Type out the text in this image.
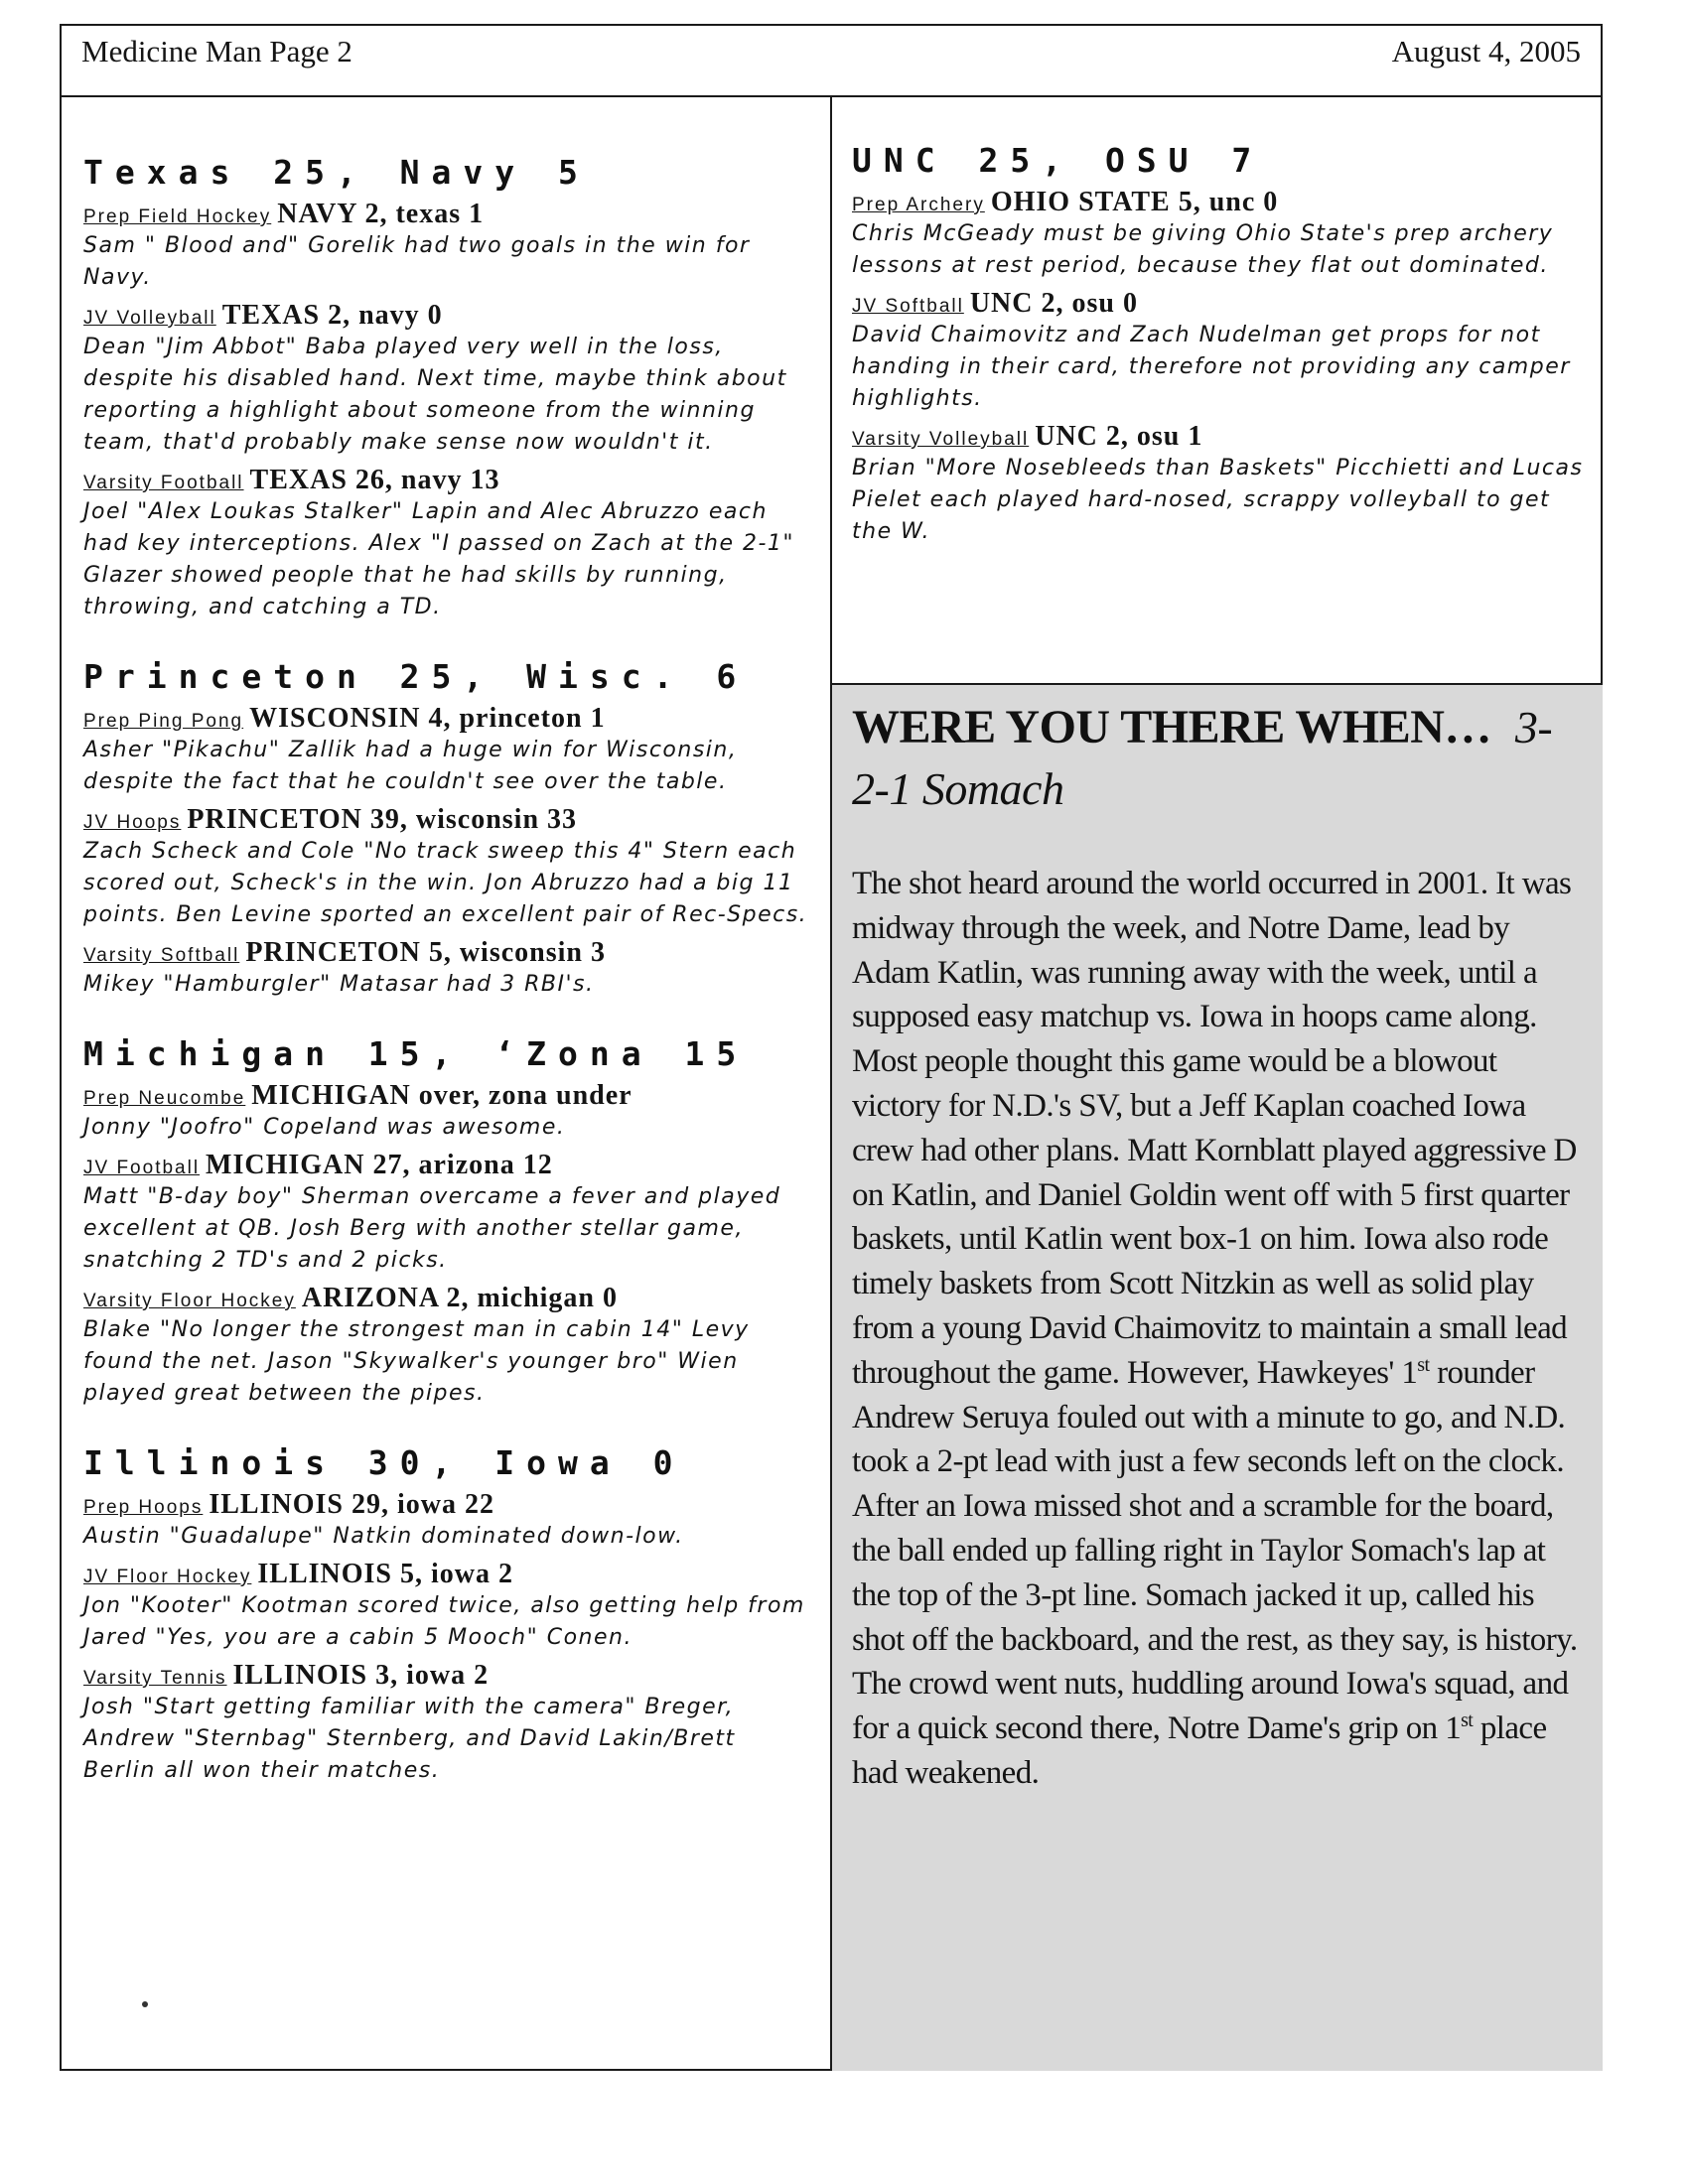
Medicine Man Page 2	August 4, 2005
Texas 25, Navy 5
Prep Field Hockey NAVY 2, texas 1
Sam " Blood and" Gorelik had two goals in the win for Navy.
JV Volleyball TEXAS 2, navy 0
Dean "Jim Abbot" Baba played very well in the loss, despite his disabled hand. Next time, maybe think about reporting a highlight about someone from the winning team, that'd probably make sense now wouldn't it.
Varsity Football TEXAS 26, navy 13
Joel "Alex Loukas Stalker" Lapin and Alec Abruzzo each had key interceptions. Alex "I passed on Zach at the 2-1" Glazer showed people that he had skills by running, throwing, and catching a TD.
Princeton 25, Wisc. 6
Prep Ping Pong WISCONSIN 4, princeton 1
Asher "Pikachu" Zallik had a huge win for Wisconsin, despite the fact that he couldn't see over the table.
JV Hoops PRINCETON 39, wisconsin 33
Zach Scheck and Cole "No track sweep this 4" Stern each scored out, Scheck's in the win. Jon Abruzzo had a big 11 points. Ben Levine sported an excellent pair of Rec-Specs.
Varsity Softball PRINCETON 5, wisconsin 3
Mikey "Hamburgler" Matasar had 3 RBI's.
Michigan 15, ‘Zona 15
Prep Neucombe MICHIGAN over, zona under
Jonny "Joofro" Copeland was awesome.
JV Football MICHIGAN 27, arizona 12
Matt "B-day boy" Sherman overcame a fever and played excellent at QB. Josh Berg with another stellar game, snatching 2 TD's and 2 picks.
Varsity Floor Hockey ARIZONA 2, michigan 0
Blake "No longer the strongest man in cabin 14" Levy found the net. Jason "Skywalker's younger bro" Wien played great between the pipes.
Illinois 30, Iowa 0
Prep Hoops ILLINOIS 29, iowa 22
Austin "Guadalupe" Natkin dominated down-low.
JV Floor Hockey ILLINOIS 5, iowa 2
Jon "Kooter" Kootman scored twice, also getting help from Jared "Yes, you are a cabin 5 Mooch" Conen.
Varsity Tennis ILLINOIS 3, iowa 2
Josh "Start getting familiar with the camera" Breger, Andrew "Sternbag" Sternberg, and David Lakin/Brett Berlin all won their matches.
UNC 25, OSU 7
Prep Archery OHIO STATE 5, unc 0
Chris McGeady must be giving Ohio State's prep archery lessons at rest period, because they flat out dominated.
JV Softball UNC 2, osu 0
David Chaimovitz and Zach Nudelman get props for not handing in their card, therefore not providing any camper highlights.
Varsity Volleyball UNC 2, osu 1
Brian "More Nosebleeds than Baskets" Picchietti and Lucas Pielet each played hard-nosed, scrappy volleyball to get the W.
WERE YOU THERE WHEN… 3-2-1 Somach
The shot heard around the world occurred in 2001. It was midway through the week, and Notre Dame, lead by Adam Katlin, was running away with the week, until a supposed easy matchup vs. Iowa in hoops came along. Most people thought this game would be a blowout victory for N.D.'s SV, but a Jeff Kaplan coached Iowa crew had other plans. Matt Kornblatt played aggressive D on Katlin, and Daniel Goldin went off with 5 first quarter baskets, until Katlin went box-1 on him. Iowa also rode timely baskets from Scott Nitzkin as well as solid play from a young David Chaimovitz to maintain a small lead throughout the game. However, Hawkeyes' 1st rounder Andrew Seruya fouled out with a minute to go, and N.D. took a 2-pt lead with just a few seconds left on the clock. After an Iowa missed shot and a scramble for the board, the ball ended up falling right in Taylor Somach's lap at the top of the 3-pt line. Somach jacked it up, called his shot off the backboard, and the rest, as they say, is history. The crowd went nuts, huddling around Iowa's squad, and for a quick second there, Notre Dame's grip on 1st place had weakened.
